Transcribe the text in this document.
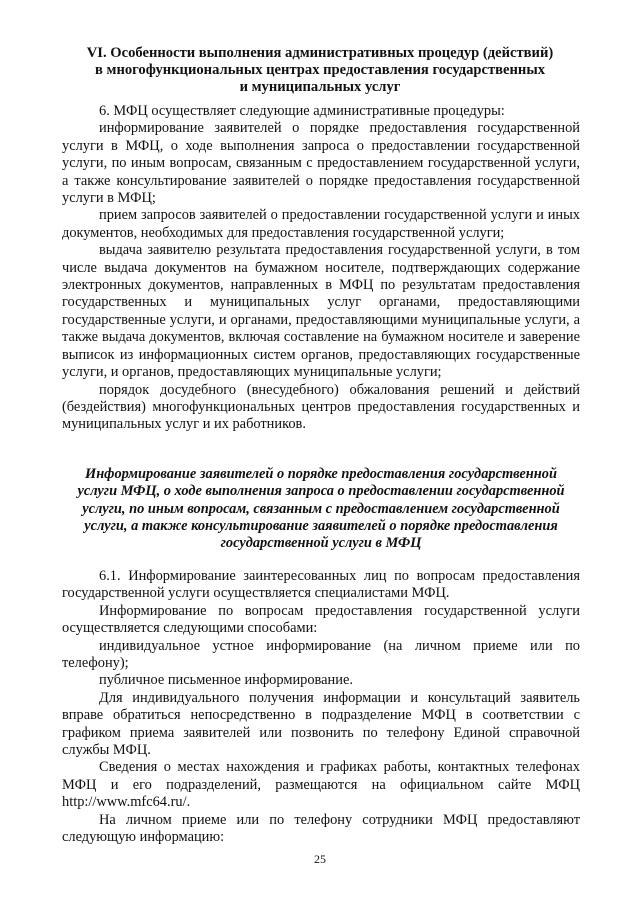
VI. Особенности выполнения административных процедур (действий)
в многофункциональных центрах предоставления государственных
и муниципальных услуг

6. МФЦ осуществляет следующие административные процедуры:

информирование заявителей о порядке предоставления государственной услуги в МФЦ, о ходе выполнения запроса о предоставлении государственной услуги, по иным вопросам, связанным с предоставлением государственной услуги, а также консультирование заявителей о порядке предоставления государственной услуги в МФЦ;

прием запросов заявителей о предоставлении государственной услуги и иных документов, необходимых для предоставления государственной услуги;

выдача заявителю результата предоставления государственной услуги, в том числе выдача документов на бумажном носителе, подтверждающих содержание электронных документов, направленных в МФЦ по результатам предоставления государственных и муниципальных услуг органами, предоставляющими государственные услуги, и органами, предоставляющими муниципальные услуги, а также выдача документов, включая составление на бумажном носителе и заверение выписок из информационных систем органов, предоставляющих государственные услуги, и органов, предоставляющих муниципальные услуги;

порядок досудебного (внесудебного) обжалования решений и действий (бездействия) многофункциональных центров предоставления государственных и муниципальных услуг и их работников.

Информирование заявителей о порядке предоставления государственной
услуги МФЦ, о ходе выполнения запроса о предоставлении государственной
услуги, по иным вопросам, связанным с предоставлением государственной
услуги, а также консультирование заявителей о порядке предоставления
государственной услуги в МФЦ

6.1. Информирование заинтересованных лиц по вопросам предоставления государственной услуги осуществляется специалистами МФЦ.

Информирование по вопросам предоставления государственной услуги осуществляется следующими способами:

индивидуальное устное информирование (на личном приеме или по телефону);

публичное письменное информирование.

Для индивидуального получения информации и консультаций заявитель вправе обратиться непосредственно в подразделение МФЦ в соответствии с графиком приема заявителей или позвонить по телефону Единой справочной службы МФЦ.

Сведения о местах нахождения и графиках работы, контактных телефонах МФЦ и его подразделений, размещаются на официальном сайте МФЦ http://www.mfc64.ru/.

На личном приеме или по телефону сотрудники МФЦ предоставляют следующую информацию:

25
